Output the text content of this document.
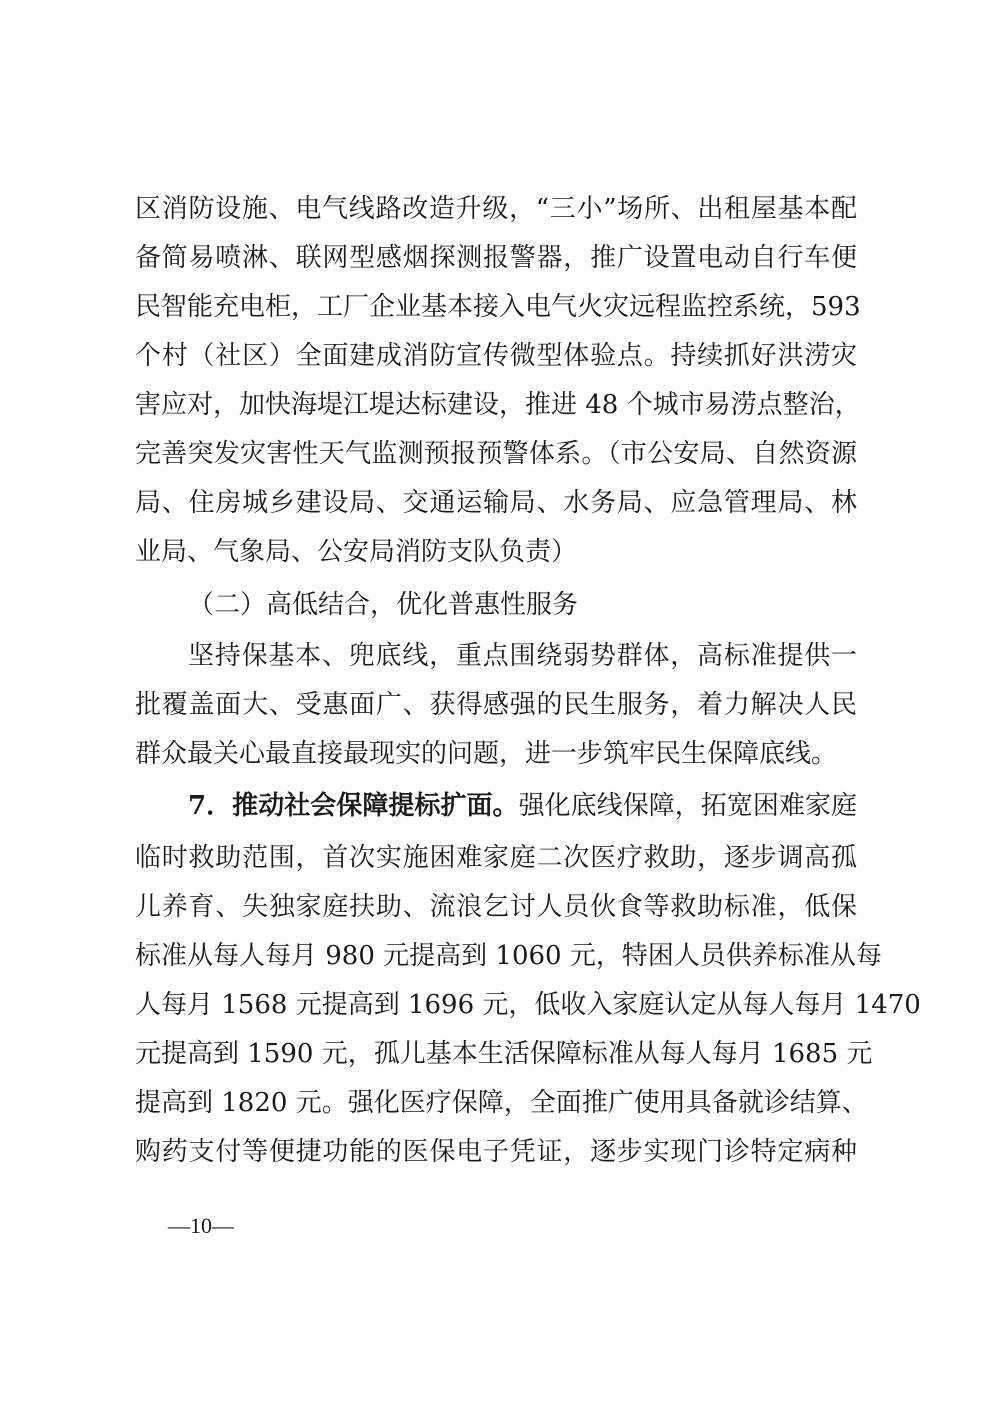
区消防设施、电气线路改造升级，“三小”场所、出租屋基本配
备简易喷淋、联网型感烟探测报警器，推广设置电动自行车便
民智能充电柜，工厂企业基本接入电气火灾远程监控系统，593
个村（社区）全面建成消防宣传微型体验点。持续抓好洪涝灾
害应对，加快海堤江堤达标建设，推进 48 个城市易涝点整治，
完善突发灾害性天气监测预报预警体系。（市公安局、自然资源
局、住房城乡建设局、交通运输局、水务局、应急管理局、林
业局、气象局、公安局消防支队负责）
（二）高低结合，优化普惠性服务
坚持保基本、兜底线，重点围绕弱势群体，高标准提供一
批覆盖面大、受惠面广、获得感强的民生服务，着力解决人民
群众最关心最直接最现实的问题，进一步筑牢民生保障底线。
7．推动社会保障提标扩面。强化底线保障，拓宽困难家庭
临时救助范围，首次实施困难家庭二次医疗救助，逐步调高孤
儿养育、失独家庭扶助、流浪乞讨人员伙食等救助标准，低保
标准从每人每月 980 元提高到 1060 元，特困人员供养标准从每
人每月 1568 元提高到 1696 元，低收入家庭认定从每人每月 1470
元提高到 1590 元，孤儿基本生活保障标准从每人每月 1685 元
提高到 1820 元。强化医疗保障，全面推广使用具备就诊结算、
购药支付等便捷功能的医保电子凭证，逐步实现门诊特定病种
—10—
